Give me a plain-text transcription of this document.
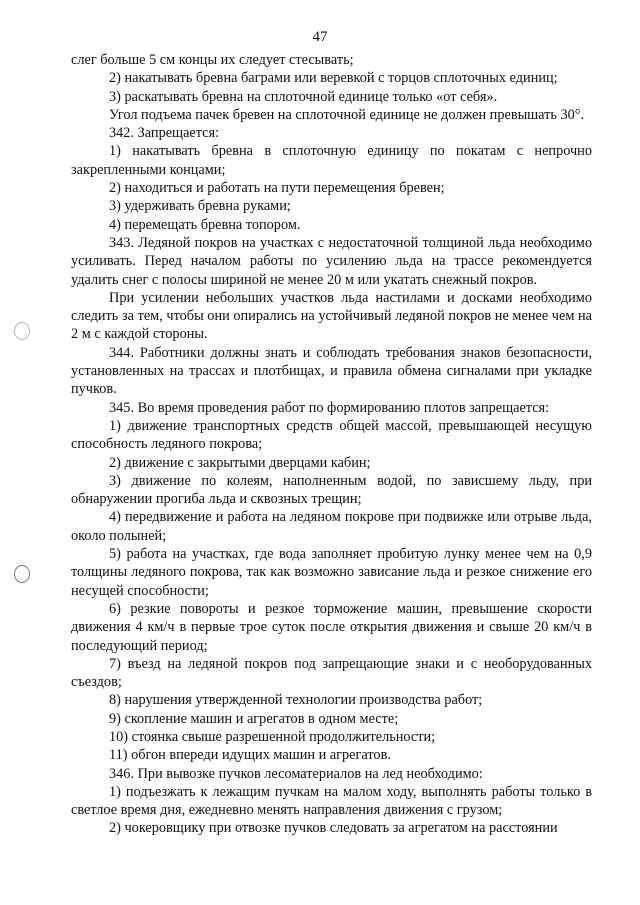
47

слег больше 5 см концы их следует стесывать;

2) накатывать бревна баграми или веревкой с торцов сплоточных единиц;

3) раскатывать бревна на сплоточной единице только «от себя».

Угол подъема пачек бревен на сплоточной единице не должен превышать 30°.

342. Запрещается:

1) накатывать бревна в сплоточную единицу по покатам с непрочно закрепленными концами;

2) находиться и работать на пути перемещения бревен;

3) удерживать бревна руками;

4) перемещать бревна топором.

343. Ледяной покров на участках с недостаточной толщиной льда необходимо усиливать. Перед началом работы по усилению льда на трассе рекомендуется удалить снег с полосы шириной не менее 20 м или укатать снежный покров.

При усилении небольших участков льда настилами и досками необходимо следить за тем, чтобы они опирались на устойчивый ледяной покров не менее чем на 2 м с каждой стороны.

344. Работники должны знать и соблюдать требования знаков безопасности, установленных на трассах и плотбищах, и правила обмена сигналами при укладке пучков.

345. Во время проведения работ по формированию плотов запрещается:

1) движение транспортных средств общей массой, превышающей несущую способность ледяного покрова;

2) движение с закрытыми дверцами кабин;

3) движение по колеям, наполненным водой, по зависшему льду, при обнаружении прогиба льда и сквозных трещин;

4) передвижение и работа на ледяном покрове при подвижке или отрыве льда, около полыней;

5) работа на участках, где вода заполняет пробитую лунку менее чем на 0,9 толщины ледяного покрова, так как возможно зависание льда и резкое снижение его несущей способности;

6) резкие повороты и резкое торможение машин, превышение скорости движения 4 км/ч в первые трое суток после открытия движения и свыше 20 км/ч в последующий период;

7) въезд на ледяной покров под запрещающие знаки и с необорудованных съездов;

8) нарушения утвержденной технологии производства работ;

9) скопление машин и агрегатов в одном месте;

10) стоянка свыше разрешенной продолжительности;

11) обгон впереди идущих машин и агрегатов.

346. При вывозке пучков лесоматериалов на лед необходимо:

1) подъезжать к лежащим пучкам на малом ходу, выполнять работы только в светлое время дня, ежедневно менять направления движения с грузом;

2) чокеровщику при отвозке пучков следовать за агрегатом на расстоянии
